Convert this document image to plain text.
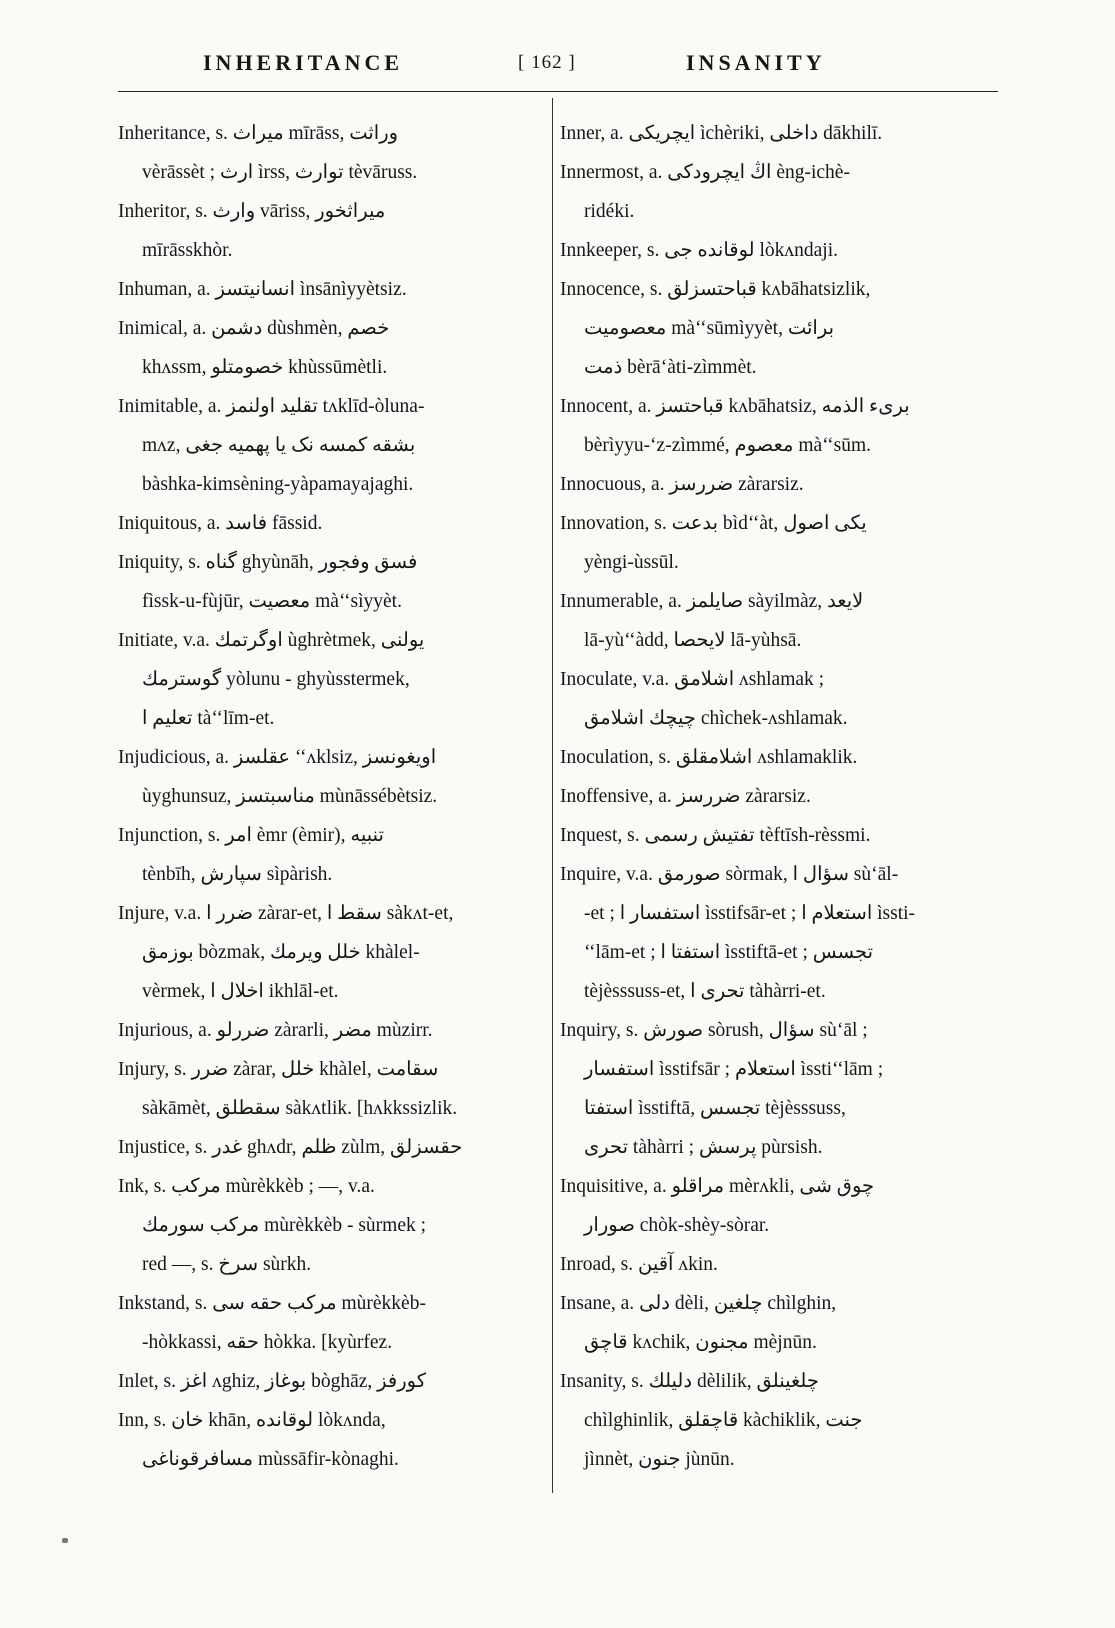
INHERITANCE	[ 162 ]	INSANITY
Inheritance, s. میراث mīrāss, وراثت
vèrāssèt ; ارث ìrss, توارث tèvāruss.
Inheritor, s. وارث vāriss, میراثخور
mīrāsskhòr.
Inhuman, a. انسانیتسز ìnsānìyyètsiz.
Inimical, a. دشمن dùshmèn, خصم
khʌssm, خصومتلو khùssūmètli.
Inimitable, a. تقلید اولنمز tʌklīd-òluna-
mʌz, بشقه کمسه نک یا پهمیه جغی
bàshka-kimsèning-yàpamayajaghi.
Iniquitous, a. فاسد fāssid.
Iniquity, s. گناه ghyùnāh, فسق وفجور
fìssk-u-fùjūr, معصیت mà‘‘sìyyèt.
Initiate, v.a. اوگرتمك ùghrètmek, یولنی
گوسترمك yòlunu - ghyùsstermek,
تعلیم ا tà‘‘līm-et.
Injudicious, a. عقلسز ‘‘ʌklsiz, اویغونسز
ùyghunsuz, مناسبتسز mùnāssébètsiz.
Injunction, s. امر èmr (èmir), تنبیه
tènbīh, سپارش sìpàrish.
Injure, v.a. ضرر ا zàrar-et, سقط ا sàkʌt-et,
بوزمق bòzmak, خلل ویرمك khàlel-
vèrmek, اخلال ا ikhlāl-et.
Injurious, a. ضررلو zàrarli, مضر mùzirr.
Injury, s. ضرر zàrar, خلل khàlel, سقامت
sàkāmèt, سقطلق sàkʌtlik. [hʌkkssizlik.
Injustice, s. غدر ghʌdr, ظلم zùlm, حقسزلق
Ink, s. مرکب mùrèkkèb ; —, v.a.
مرکب سورمك mùrèkkèb - sùrmek ;
red —, s. سرخ sùrkh.
Inkstand, s. مرکب حقه سی mùrèkkèb-
-hòkkassi, حقه hòkka. [kyùrfez.
Inlet, s. اغز ʌghiz, بوغاز bòghāz, کورفز
Inn, s. خان khān, لوقانده lòkʌnda,
مسافرقوناغی mùssāfir-kònaghi.
Inner, a. ایچریکی ìchèriki, داخلی dākhilī.
Innermost, a. اڭ ایچرودکی èng-ichè-
ridéki.
Innkeeper, s. لوقانده جی lòkʌndaji.
Innocence, s. قباحتسزلق kʌbāhatsizlik,
معصومیت mà‘‘sūmìyyèt, برائت
ذمت bèrā‘àti-zìmmèt.
Innocent, a. قباحتسز kʌbāhatsiz, بریء الذمه
bèrìyyu-‘z-zìmmé, معصوم mà‘‘sūm.
Innocuous, a. ضررسز zàrarsiz.
Innovation, s. بدعت bìd‘‘àt, یکی اصول
yèngi-ùssūl.
Innumerable, a. صایلمز sàyilmàz, لایعد
lā-yù‘‘àdd, لایحصا lā-yùhsā.
Inoculate, v.a. اشلامق ʌshlamak ;
چیچك اشلامق chìchek-ʌshlamak.
Inoculation, s. اشلامقلق ʌshlamaklik.
Inoffensive, a. ضررسز zàrarsiz.
Inquest, s. تفتیش رسمی tèftīsh-rèssmi.
Inquire, v.a. صورمق sòrmak, سؤال ا sù‘āl-
-et ; استفسار ا ìsstifsār-et ; استعلام ا ìssti-
‘‘lām-et ; استفتا ا ìsstiftā-et ; تجسس
tèjèsssuss-et, تحری ا tàhàrri-et.
Inquiry, s. صورش sòrush, سؤال sù‘āl ;
استفسار ìsstifsār ; استعلام ìssti‘‘lām ;
استفتا ìsstiftā, تجسس tèjèsssuss,
تحری tàhàrri ; پرسش pùrsish.
Inquisitive, a. مراقلو mèrʌkli, چوق شی
صورار chòk-shèy-sòrar.
Inroad, s. آقین ʌkin.
Insane, a. دلی dèli, چلغین chìlghin,
قاچق kʌchik, مجنون mèjnūn.
Insanity, s. دلیلك dèlilik, چلغینلق
chìlghinlik, قاچقلق kàchiklik, جنت
jìnnèt, جنون jùnūn.
